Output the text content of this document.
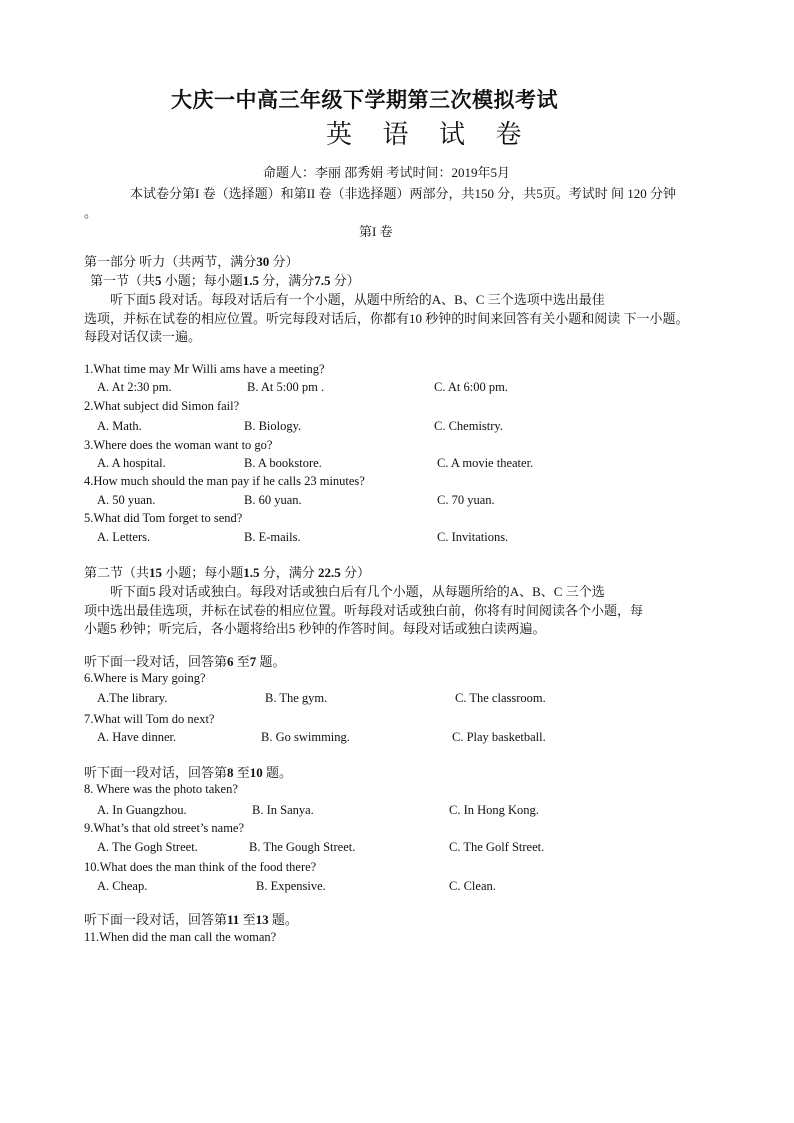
大庆一中高三年级下学期第三次模拟考试
英 语 试 卷
命题人：李丽 邵秀娟 考试时间：2019年5月
本试卷分第I 卷（选择题）和第II 卷（非选择题）两部分，共150 分，共5页。考试时 间 120 分钟
。
第I 卷
第一部分 听力（共两节，满分30 分）
第一节（共5 小题；每小题1.5 分，满分7.5 分）
听下面5 段对话。每段对话后有一个小题，从题中所给的A、B、C 三个选项中选出最佳
选项，并标在试卷的相应位置。听完每段对话后，你都有10 秒钟的时间来回答有关小题和阅读 下一小题。
每段对话仅读一遍。
1.What time may Mr Willi ams have a meeting?
A. At 2:30 pm.	B. At 5:00 pm .	C. At 6:00 pm.
2.What subject did Simon fail?
A. Math.	B. Biology.	C. Chemistry.
3.Where does the woman want to go?
A. A hospital.	B. A bookstore.	C. A movie theater.
4.How much should the man pay if he calls 23 minutes?
A. 50 yuan.	B. 60 yuan.	C. 70 yuan.
5.What did Tom forget to send?
A. Letters.	B. E-mails.	C. Invitations.
第二节（共15 小题；每小题1.5 分，满分 22.5 分）
听下面5 段对话或独白。每段对话或独白后有几个小题，从每题所给的A、B、C 三个选
项中选出最佳选项，并标在试卷的相应位置。听每段对话或独白前，你将有时间阅读各个小题，每
小题5 秒钟；听完后，各小题将给出5 秒钟的作答时间。每段对话或独白读两遍。
听下面一段对话，回答第6 至7 题。
6.Where is Mary going?
A.The library.	B. The gym.	C. The classroom.
7.What will Tom do next?
A. Have dinner.	B. Go swimming.	C. Play basketball.
听下面一段对话，回答第8 至10 题。
8. Where was the photo taken?
A. In Guangzhou.	B. In Sanya.	C. In Hong Kong.
9.What’s that old street’s name?
A. The Gogh Street.	B. The Gough Street.	C. The Golf Street.
10.What does the man think of the food there?
A. Cheap.	B. Expensive.	C. Clean.
听下面一段对话，回答第11 至13 题。
11.When did the man call the woman?
